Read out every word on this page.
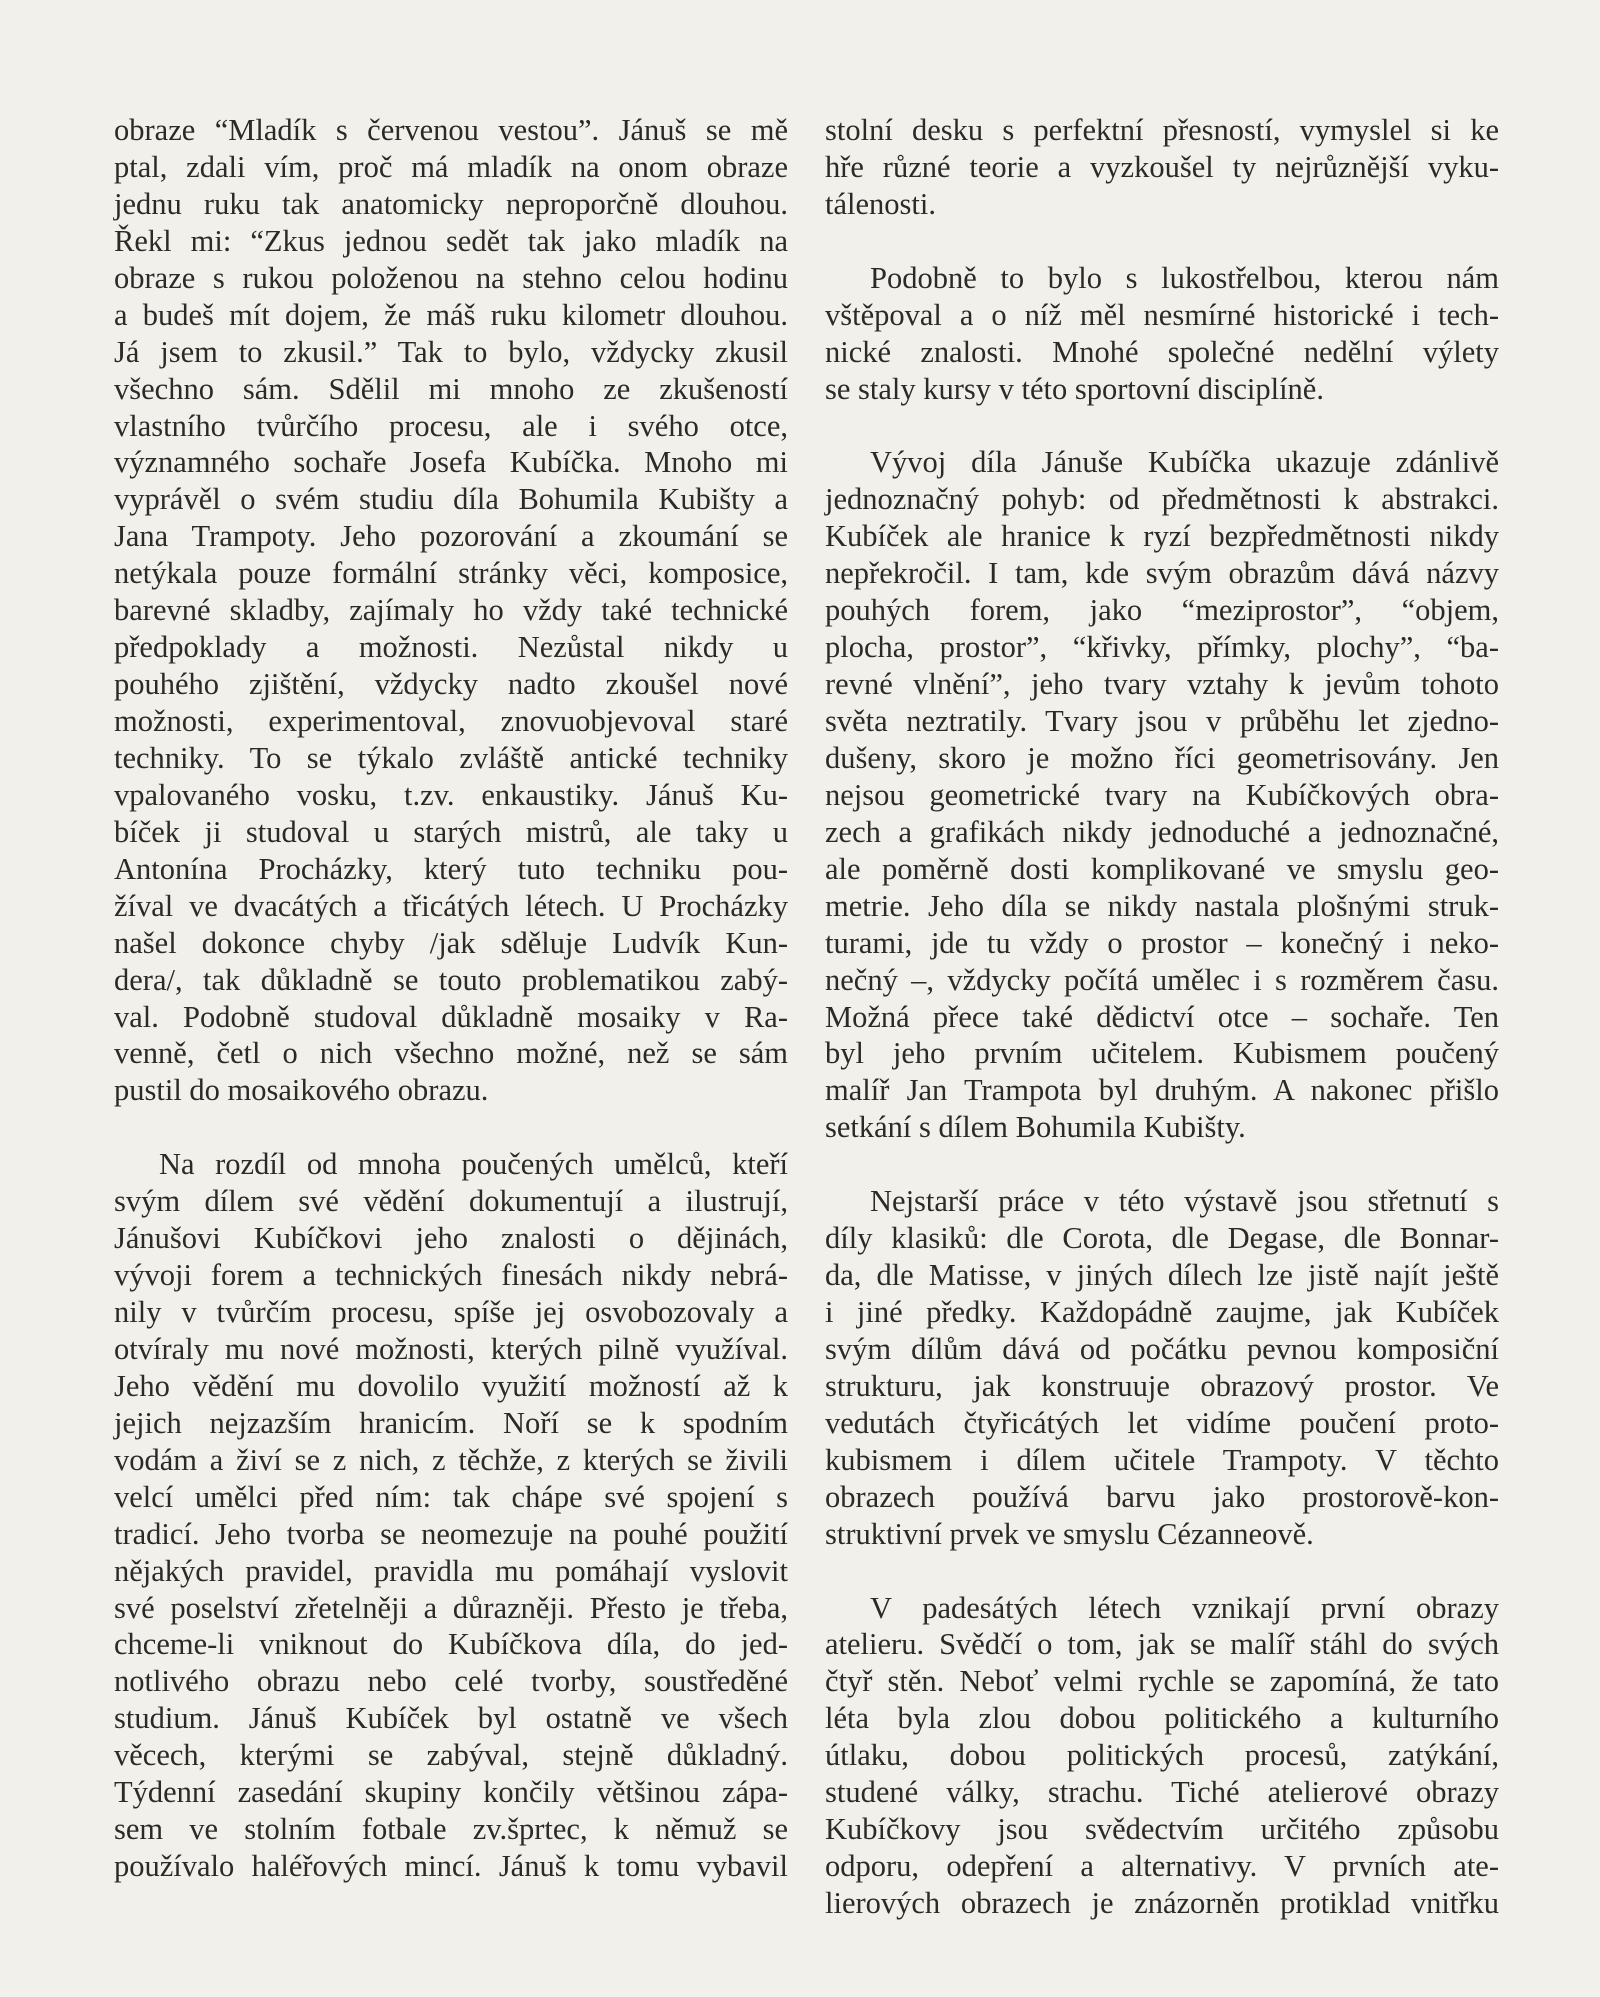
obraze “Mladík s červenou vestou”. Jánuš se mě
ptal, zdali vím, proč má mladík na onom obraze
jednu ruku tak anatomicky neproporčně dlouhou.
Řekl mi: “Zkus jednou sedět tak jako mladík na
obraze s rukou položenou na stehno celou hodinu
a budeš mít dojem, že máš ruku kilometr dlouhou.
Já jsem to zkusil.” Tak to bylo, vždycky zkusil
všechno sám. Sdělil mi mnoho ze zkušeností
vlastního tvůrčího procesu, ale i svého otce,
významného sochaře Josefa Kubíčka. Mnoho mi
vyprávěl o svém studiu díla Bohumila Kubišty a
Jana Trampoty. Jeho pozorování a zkoumání se
netýkala pouze formální stránky věci, komposice,
barevné skladby, zajímaly ho vždy také technické
předpoklady a možnosti. Nezůstal nikdy u
pouhého zjištění, vždycky nadto zkoušel nové
možnosti, experimentoval, znovuobjevoval staré
techniky. To se týkalo zvláště antické techniky
vpalovaného vosku, t.zv. enkaustiky. Jánuš Ku-
bíček ji studoval u starých mistrů, ale taky u
Antonína Procházky, který tuto techniku pou-
žíval ve dvacátých a třicátých létech. U Procházky
našel dokonce chyby /jak sděluje Ludvík Kun-
dera/, tak důkladně se touto problematikou zabý-
val. Podobně studoval důkladně mosaiky v Ra-
venně, četl o nich všechno možné, než se sám
pustil do mosaikového obrazu.
Na rozdíl od mnoha poučených umělců, kteří
svým dílem své vědění dokumentují a ilustrují,
Jánušovi Kubíčkovi jeho znalosti o dějinách,
vývoji forem a technických finesách nikdy nebrá-
nily v tvůrčím procesu, spíše jej osvobozovaly a
otvíraly mu nové možnosti, kterých pilně využíval.
Jeho vědění mu dovolilo využití možností až k
jejich nejzazším hranicím. Noří se k spodním
vodám a živí se z nich, z těchže, z kterých se živili
velcí umělci před ním: tak chápe své spojení s
tradicí. Jeho tvorba se neomezuje na pouhé použití
nějakých pravidel, pravidla mu pomáhají vyslovit
své poselství zřetelněji a důrazněji. Přesto je třeba,
chceme-li vniknout do Kubíčkova díla, do jed-
notlivého obrazu nebo celé tvorby, soustředěné
studium. Jánuš Kubíček byl ostatně ve všech
věcech, kterými se zabýval, stejně důkladný.
Týdenní zasedání skupiny končily většinou zápa-
sem ve stolním fotbale zv.šprtec, k němuž se
používalo haléřových mincí. Jánuš k tomu vybavil
stolní desku s perfektní přesností, vymyslel si ke
hře různé teorie a vyzkoušel ty nejrůznější vyku-
tálenosti.
Podobně to bylo s lukostřelbou, kterou nám
vštěpoval a o níž měl nesmírné historické i tech-
nické znalosti. Mnohé společné nedělní výlety
se staly kursy v této sportovní disciplíně.
Vývoj díla Jánuše Kubíčka ukazuje zdánlivě
jednoznačný pohyb: od předmětnosti k abstrakci.
Kubíček ale hranice k ryzí bezpředmětnosti nikdy
nepřekročil. I tam, kde svým obrazům dává názvy
pouhých forem, jako “meziprostor”, “objem,
plocha, prostor”, “křivky, přímky, plochy”, “ba-
revné vlnění”, jeho tvary vztahy k jevům tohoto
světa neztratily. Tvary jsou v průběhu let zjedno-
dušeny, skoro je možno říci geometrisovány. Jen
nejsou geometrické tvary na Kubíčkových obra-
zech a grafikách nikdy jednoduché a jednoznačné,
ale poměrně dosti komplikované ve smyslu geo-
metrie. Jeho díla se nikdy nastala plošnými struk-
turami, jde tu vždy o prostor – konečný i neko-
nečný –, vždycky počítá umělec i s rozměrem času.
Možná přece také dědictví otce – sochaře. Ten
byl jeho prvním učitelem. Kubismem poučený
malíř Jan Trampota byl druhým. A nakonec přišlo
setkání s dílem Bohumila Kubišty.
Nejstarší práce v této výstavě jsou střetnutí s
díly klasiků: dle Corota, dle Degase, dle Bonnar-
da, dle Matisse, v jiných dílech lze jistě najít ještě
i jiné předky. Každopádně zaujme, jak Kubíček
svým dílům dává od počátku pevnou komposiční
strukturu, jak konstruuje obrazový prostor. Ve
vedutách čtyřicátých let vidíme poučení proto-
kubismem i dílem učitele Trampoty. V těchto
obrazech používá barvu jako prostorově-kon-
struktivní prvek ve smyslu Cézanneově.
V padesátých létech vznikají první obrazy
atelieru. Svědčí o tom, jak se malíř stáhl do svých
čtyř stěn. Neboť velmi rychle se zapomíná, že tato
léta byla zlou dobou politického a kulturního
útlaku, dobou politických procesů, zatýkání,
studené války, strachu. Tiché atelierové obrazy
Kubíčkovy jsou svědectvím určitého způsobu
odporu, odepření a alternativy. V prvních ate-
lierových obrazech je znázorněn protiklad vnitřku
